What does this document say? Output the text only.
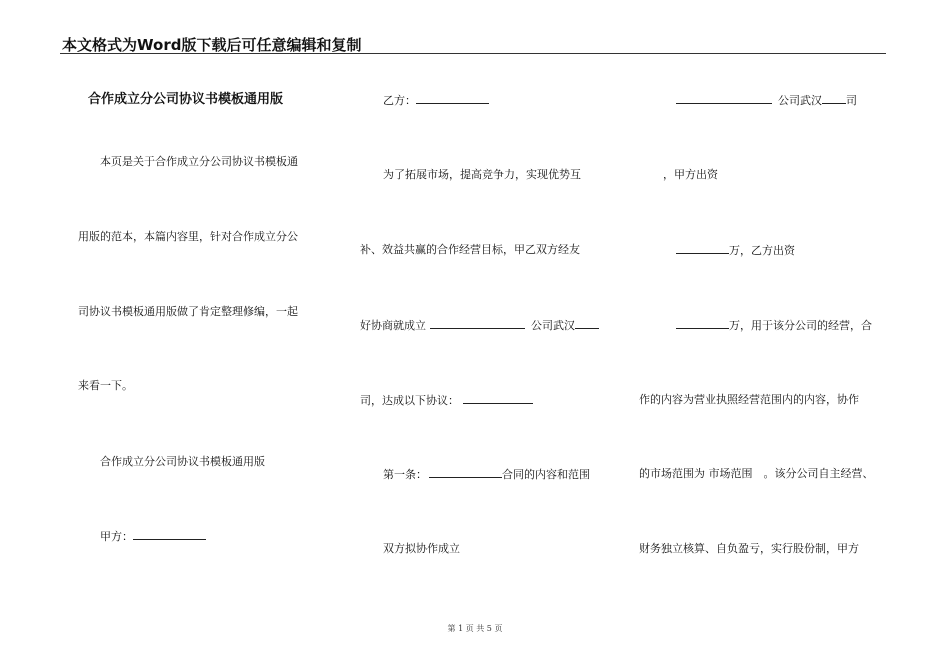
本文格式为Word版下载后可任意编辑和复制
合作成立分公司协议书模板通用版
本页是关于合作成立分公司协议书模板通
用版的范本，本篇内容里，针对合作成立分公
司协议书模板通用版做了肯定整理修编，一起
来看一下。
合作成立分公司协议书模板通用版
甲方：
乙方：
为了拓展市场，提高竞争力，实现优势互
补、效益共赢的合作经营目标，甲乙双方经友
好协商就成立	公司武汉
司，达成以下协议：
第一条：	合同的内容和范围
双方拟协作成立
公司武汉 司
，甲方出资
万，乙方出资
万，用于该分公司的经营，合
作的内容为营业执照经营范围内的内容，协作
的市场范围为 市场范围　。该分公司自主经营、
财务独立核算、自负盈亏，实行股份制，甲方
第 1 页 共 5 页
